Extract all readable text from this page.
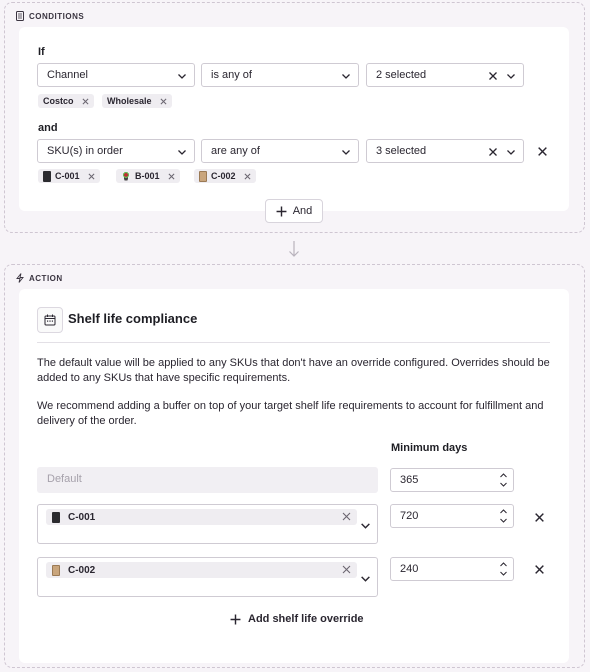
CONDITIONS
If
Channel	is any of	2 selected
Costco	Wholesale
and
SKU(s) in order	are any of	3 selected
C-001	B-001	C-002
And
ACTION
Shelf life compliance
The default value will be applied to any SKUs that don't have an override configured. Overrides should be added to any SKUs that have specific requirements.
We recommend adding a buffer on top of your target shelf life requirements to account for fulfillment and delivery of the order.
Minimum days
Default	365
C-001	720
C-002	240
Add shelf life override
